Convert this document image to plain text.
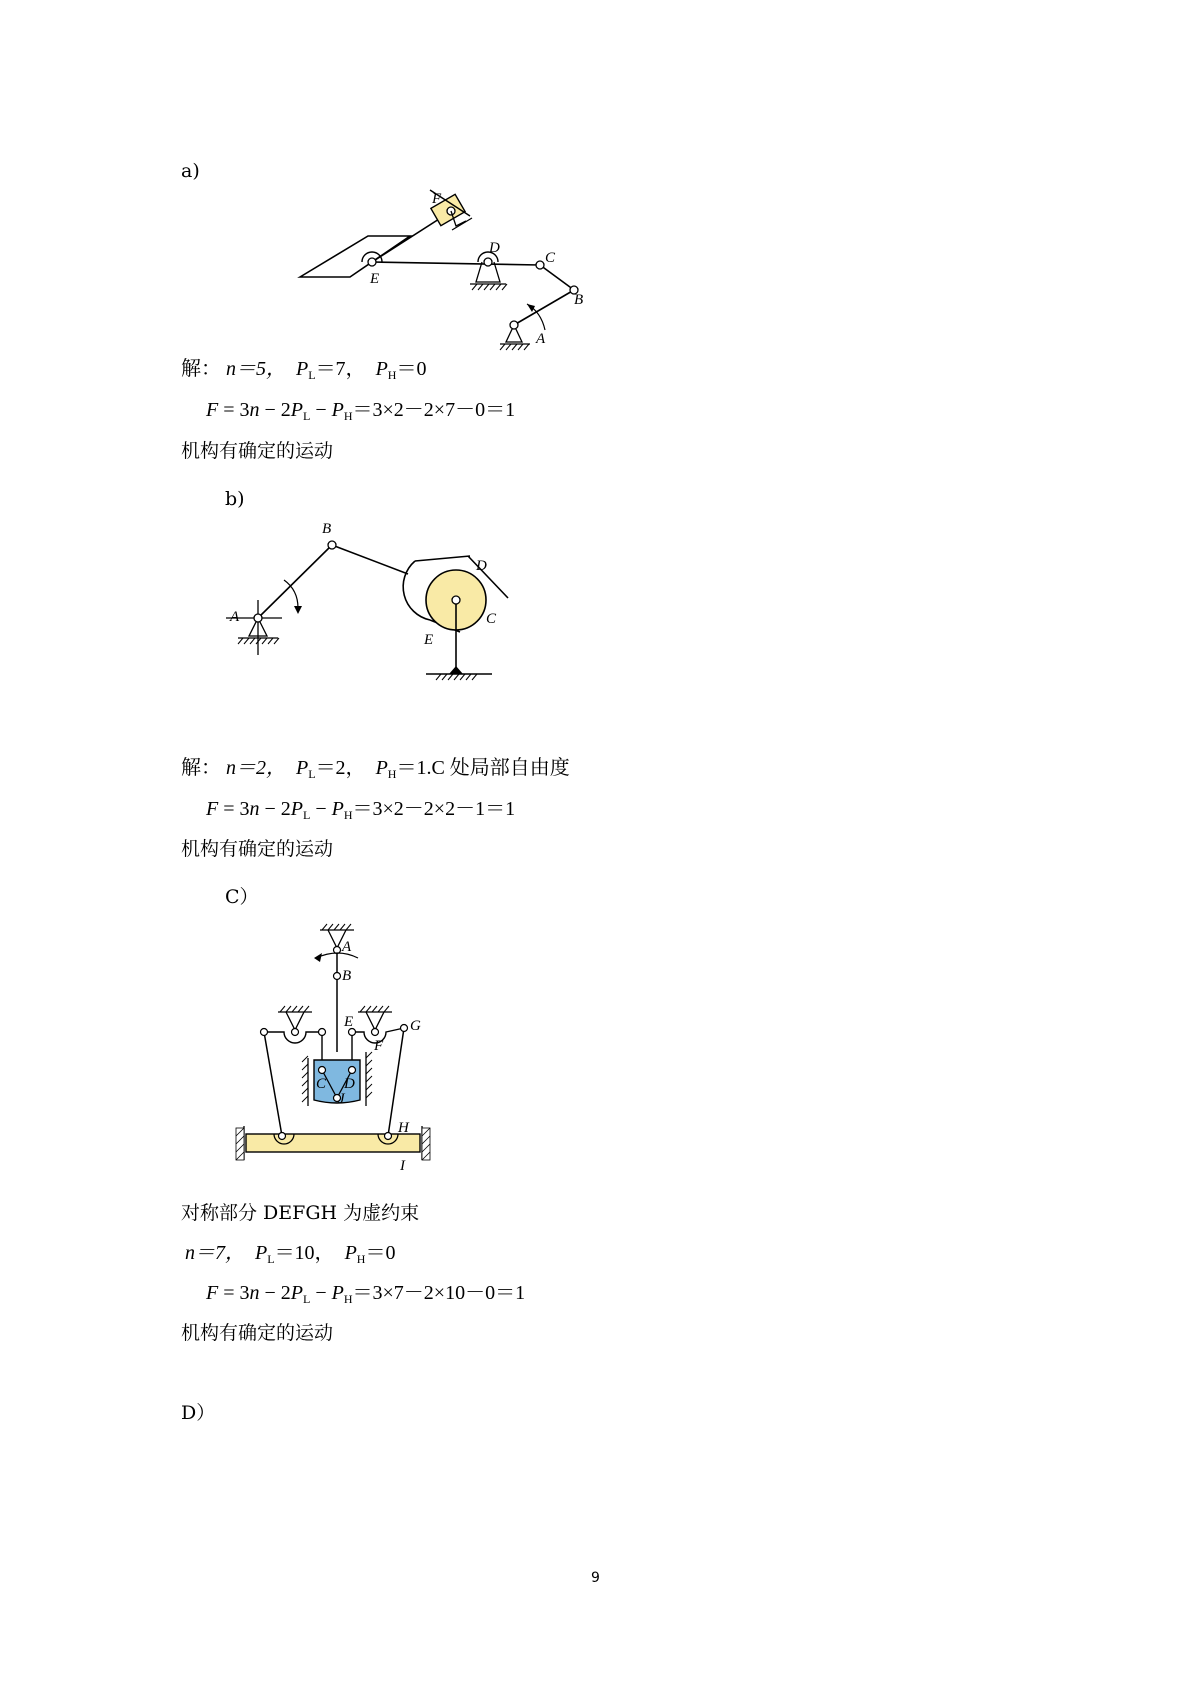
a)
F
D
C
B
E
A
解： n＝5， $P_L=7$， $P_H=0$
$F = 3n - 2P_L - P_H=3\times 2-2\times 7-0=1$
机构有确定的运动
b)
B
D
A	C
E
解： n＝2， $P_L=2$， $P_H=1.C$ 处局部自由度
$F = 3n - 2P_L - P_H=3\times 2-2\times 2-1=1$
机构有确定的运动
C）
A
B
E	G
F
C D
J
H
I
对称部分 DEFGH 为虚约束
n＝7， $P_L=10$， $P_H=0$
$F = 3n - 2P_L - P_H=3\times 7-2\times 10-0=1$
机构有确定的运动
D）
9
